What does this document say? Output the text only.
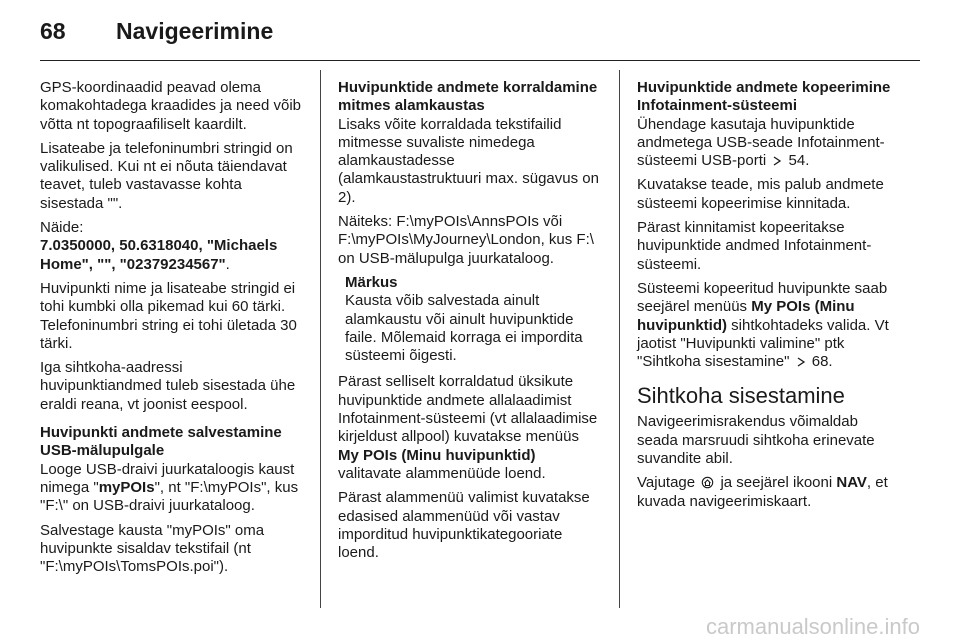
68	Navigeerimine

GPS-koordinaadid peavad olema komakohtadega kraadides ja need võib võtta nt topograafiliselt kaardilt.

Lisateabe ja telefoninumbri stringid on valikulised. Kui nt ei nõuta täiendavat teavet, tuleb vastavasse kohta sisestada "".

Näide:
7.0350000, 50.6318040, "Michaels Home", "", "02379234567".

Huvipunkti nime ja lisateabe stringid ei tohi kumbki olla pikemad kui 60 tärki. Telefoninumbri string ei tohi ületada 30 tärki.

Iga sihtkoha-aadressi huvipunktiandmed tuleb sisestada ühe eraldi reana, vt joonist eespool.

Huvipunkti andmete salvestamine USB-mälupulgale

Looge USB-draivi juurkataloogis kaust nimega "myPOIs", nt "F:\myPOIs", kus "F:\" on USB-draivi juurkataloog.

Salvestage kausta "myPOIs" oma huvipunkte sisaldav tekstifail (nt "F:\myPOIs\TomsPOIs.poi").

Huvipunktide andmete korraldamine mitmes alamkaustas

Lisaks võite korraldada tekstifailid mitmesse suvaliste nimedega alamkaustadesse (alamkaustastruktuuri max. sügavus on 2).

Näiteks: F:\myPOIs\AnnsPOIs või F:\myPOIs\MyJourney\London, kus F:\ on USB-mälupulga juurkataloog.

Märkus
Kausta võib salvestada ainult alamkaustu või ainult huvipunktide faile. Mõlemaid korraga ei impordita süsteemi õigesti.

Pärast selliselt korraldatud üksikute huvipunktide andmete allalaadimist Infotainment-süsteemi (vt allalaadimise kirjeldust allpool) kuvatakse menüüs My POIs (Minu huvipunktid) valitavate alammenüüde loend.

Pärast alammenüü valimist kuvatakse edasised alammenüüd või vastav imporditud huvipunktikategooriate loend.

Huvipunktide andmete kopeerimine Infotainment-süsteemi

Ühendage kasutaja huvipunktide andmetega USB-seade Infotainment-süsteemi USB-porti  54.

Kuvatakse teade, mis palub andmete süsteemi kopeerimise kinnitada.

Pärast kinnitamist kopeeritakse huvipunktide andmed Infotainment-süsteemi.

Süsteemi kopeeritud huvipunkte saab seejärel menüüs My POIs (Minu huvipunktid) sihtkohtadeks valida. Vt jaotist "Huvipunkti valimine" ptk "Sihtkoha sisestamine"  68.

Sihtkoha sisestamine

Navigeerimisrakendus võimaldab seada marsruudi sihtkoha erinevate suvandite abil.

Vajutage  ja seejärel ikooni NAV, et kuvada navigeerimiskaart.

carmanualsonline.info
